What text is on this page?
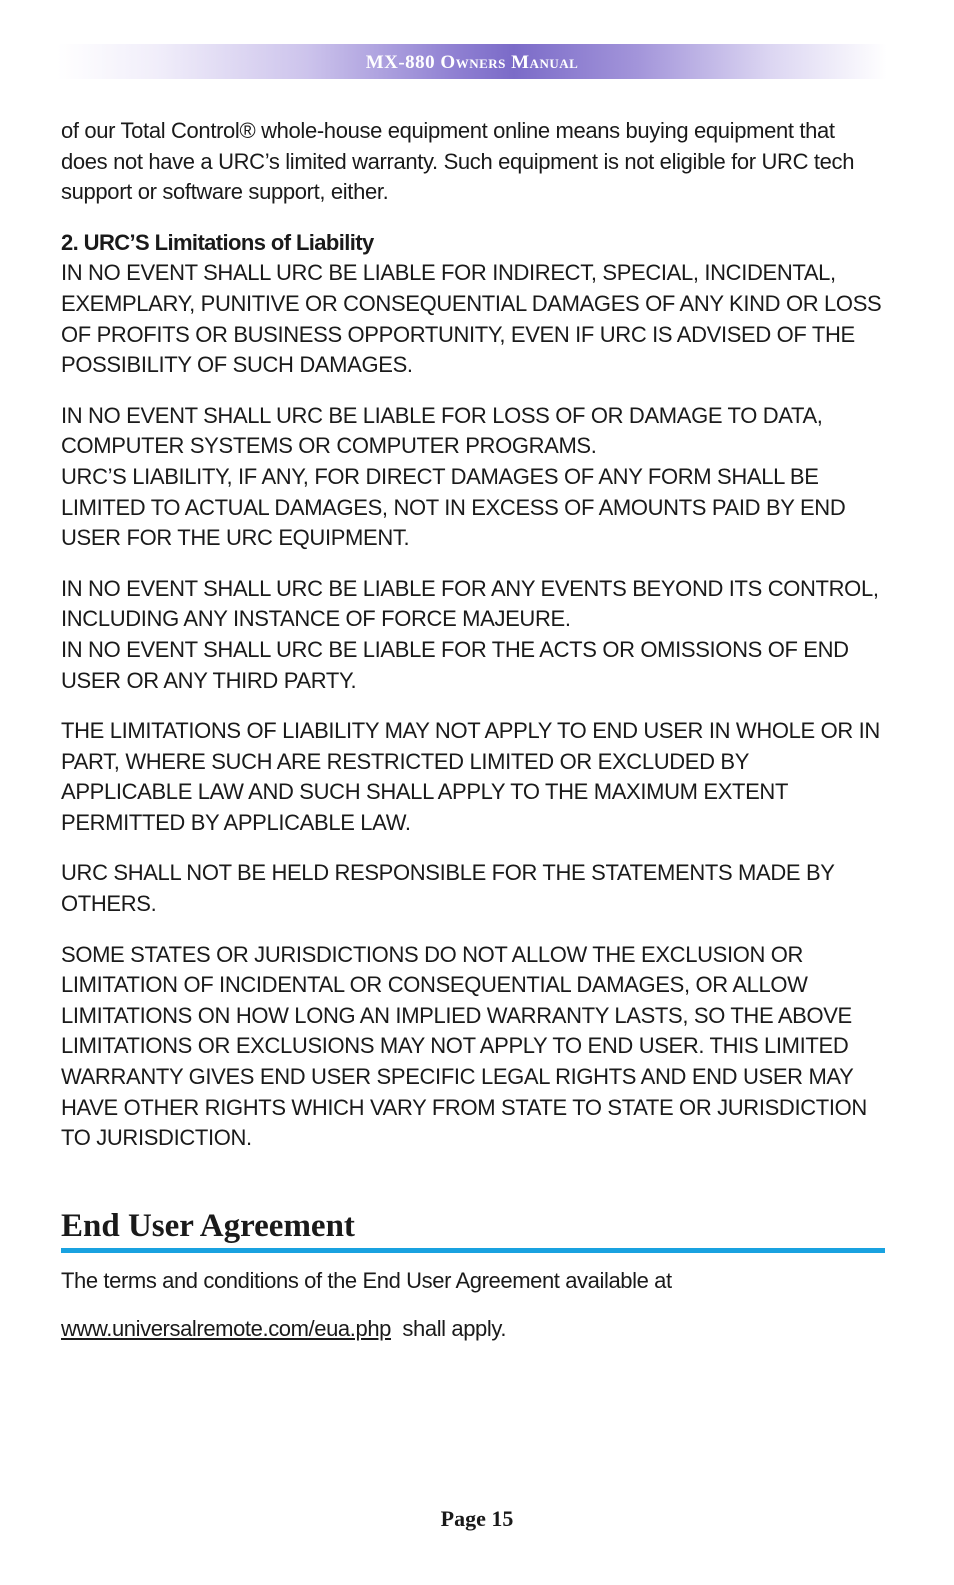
MX-880 Owners Manual

of our Total Control® whole-house equipment online means buying equipment that does not have a URC’s limited warranty. Such equipment is not eligible for URC tech support or software support, either.

2. URC’S Limitations of Liability

IN NO EVENT SHALL URC BE LIABLE FOR INDIRECT, SPECIAL, INCIDENTAL, EXEMPLARY, PUNITIVE OR CONSEQUENTIAL DAMAGES OF ANY KIND OR LOSS OF PROFITS OR BUSINESS OPPORTUNITY, EVEN IF URC IS ADVISED OF THE POSSIBILITY OF SUCH DAMAGES.

IN NO EVENT SHALL URC BE LIABLE FOR LOSS OF OR DAMAGE TO DATA, COMPUTER SYSTEMS OR COMPUTER PROGRAMS.

URC’S LIABILITY, IF ANY, FOR DIRECT DAMAGES OF ANY FORM SHALL BE LIMITED TO ACTUAL DAMAGES, NOT IN EXCESS OF AMOUNTS PAID BY END USER FOR THE URC EQUIPMENT.

IN NO EVENT SHALL URC BE LIABLE FOR ANY EVENTS BEYOND ITS CONTROL, INCLUDING ANY INSTANCE OF FORCE MAJEURE.

IN NO EVENT SHALL URC BE LIABLE FOR THE ACTS OR OMISSIONS OF END USER OR ANY THIRD PARTY.

THE LIMITATIONS OF LIABILITY MAY NOT APPLY TO END USER IN WHOLE OR IN PART, WHERE SUCH ARE RESTRICTED LIMITED OR EXCLUDED BY APPLICABLE LAW AND SUCH SHALL APPLY TO THE MAXIMUM EXTENT PERMITTED BY APPLICABLE LAW.

URC SHALL NOT BE HELD RESPONSIBLE FOR THE STATEMENTS MADE BY OTHERS.

SOME STATES OR JURISDICTIONS DO NOT ALLOW THE EXCLUSION OR LIMITATION OF INCIDENTAL OR CONSEQUENTIAL DAMAGES, OR ALLOW LIMITATIONS ON HOW LONG AN IMPLIED WARRANTY LASTS, SO THE ABOVE LIMITATIONS OR EXCLUSIONS MAY NOT APPLY TO END USER. THIS LIMITED WARRANTY GIVES END USER SPECIFIC LEGAL RIGHTS AND END USER MAY HAVE OTHER RIGHTS WHICH VARY FROM STATE TO STATE OR JURISDICTION TO JURISDICTION.

End User Agreement
The terms and conditions of the End User Agreement available at
www.universalremote.com/eua.php  shall apply.
Page 15
